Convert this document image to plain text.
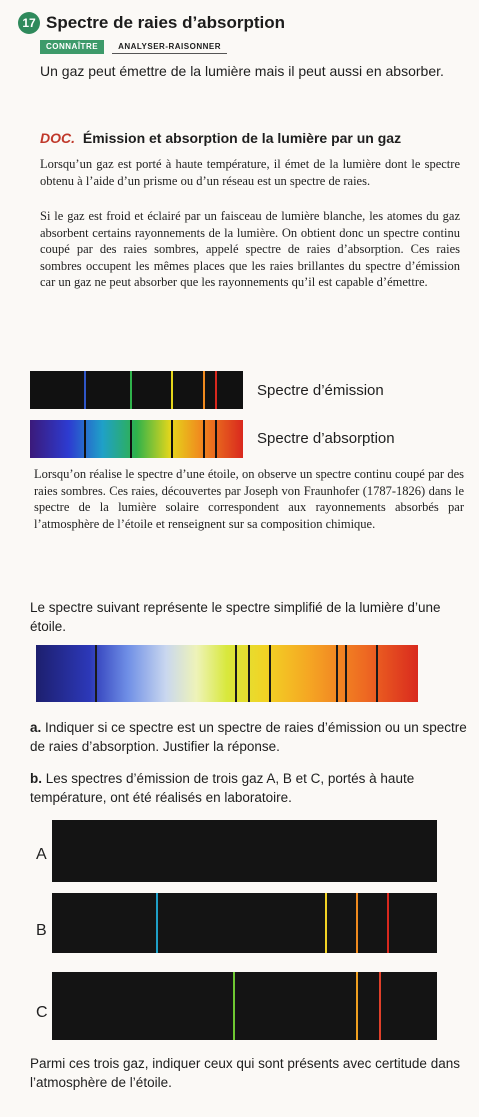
17 Spectre de raies d’absorption
CONNAÎTRE	ANALYSER-RAISONNER
Un gaz peut émettre de la lumière mais il peut aussi en absorber.
DOC. Émission et absorption de la lumière par un gaz
Lorsqu’un gaz est porté à haute température, il émet de la lumière dont le spectre obtenu à l’aide d’un prisme ou d’un réseau est un spectre de raies.
Si le gaz est froid et éclairé par un faisceau de lumière blanche, les atomes du gaz absorbent certains rayonnements de la lumière. On obtient donc un spectre continu coupé par des raies sombres, appelé spectre de raies d’absorption. Ces raies sombres occupent les mêmes places que les raies brillantes du spectre d’émission car un gaz ne peut absorber que les rayonnements qu’il est capable d’émettre.
Spectre d’émission
Spectre d’absorption
Lorsqu’on réalise le spectre d’une étoile, on observe un spectre continu coupé par des raies sombres. Ces raies, découvertes par Joseph von Fraunhofer (1787-1826) dans le spectre de la lumière solaire correspondent aux rayonnements absorbés par l’atmosphère de l’étoile et renseignent sur sa composition chimique.
Le spectre suivant représente le spectre simplifié de la lumière d’une étoile.
a. Indiquer si ce spectre est un spectre de raies d’émission ou un spectre de raies d’absorption. Justifier la réponse.
b. Les spectres d’émission de trois gaz A, B et C, portés à haute température, ont été réalisés en laboratoire.
A
B
C
Parmi ces trois gaz, indiquer ceux qui sont présents avec certitude dans l’atmosphère de l’étoile.
